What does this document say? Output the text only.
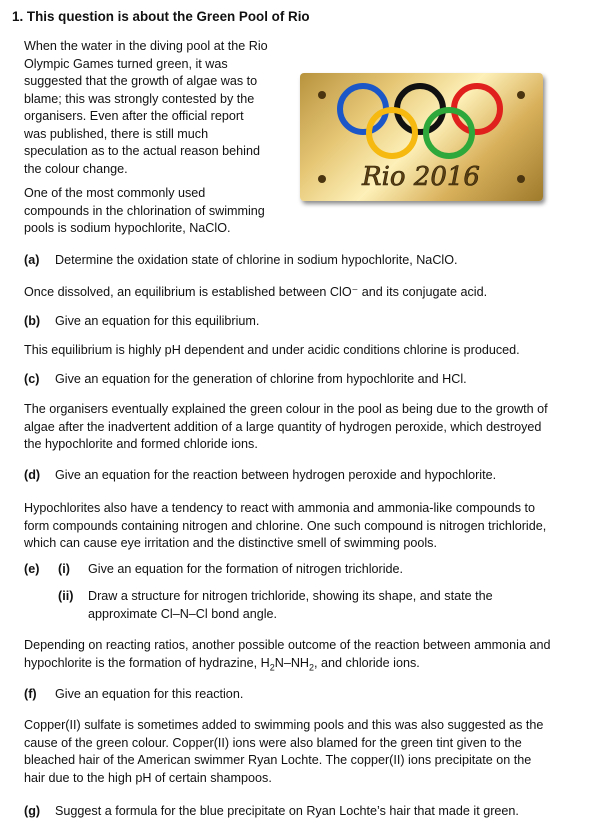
1. This question is about the Green Pool of Rio
When the water in the diving pool at the Rio
Olympic Games turned green, it was
suggested that the growth of algae was to
blame; this was strongly contested by the
organisers. Even after the official report
was published, there is still much
speculation as to the actual reason behind
the colour change.
One of the most commonly used
compounds in the chlorination of swimming
pools is sodium hypochlorite, NaClO.
Rio 2016
(a) Determine the oxidation state of chlorine in sodium hypochlorite, NaClO.
Once dissolved, an equilibrium is established between ClO⁻ and its conjugate acid.
(b) Give an equation for this equilibrium.
This equilibrium is highly pH dependent and under acidic conditions chlorine is produced.
(c) Give an equation for the generation of chlorine from hypochlorite and HCl.
The organisers eventually explained the green colour in the pool as being due to the growth of
algae after the inadvertent addition of a large quantity of hydrogen peroxide, which destroyed
the hypochlorite and formed chloride ions.
(d) Give an equation for the reaction between hydrogen peroxide and hypochlorite.
Hypochlorites also have a tendency to react with ammonia and ammonia-like compounds to
form compounds containing nitrogen and chlorine. One such compound is nitrogen trichloride,
which can cause eye irritation and the distinctive smell of swimming pools.
(e) (i) Give an equation for the formation of nitrogen trichloride.
(ii) Draw a structure for nitrogen trichloride, showing its shape, and state the
approximate Cl–N–Cl bond angle.
Depending on reacting ratios, another possible outcome of the reaction between ammonia and
hypochlorite is the formation of hydrazine, $H_2N-NH_2$, and chloride ions.
(f) Give an equation for this reaction.
Copper(II) sulfate is sometimes added to swimming pools and this was also suggested as the
cause of the green colour. Copper(II) ions were also blamed for the green tint given to the
bleached hair of the American swimmer Ryan Lochte. The copper(II) ions precipitate on the
hair due to the high pH of certain shampoos.
(g) Suggest a formula for the blue precipitate on Ryan Lochte’s hair that made it green.
